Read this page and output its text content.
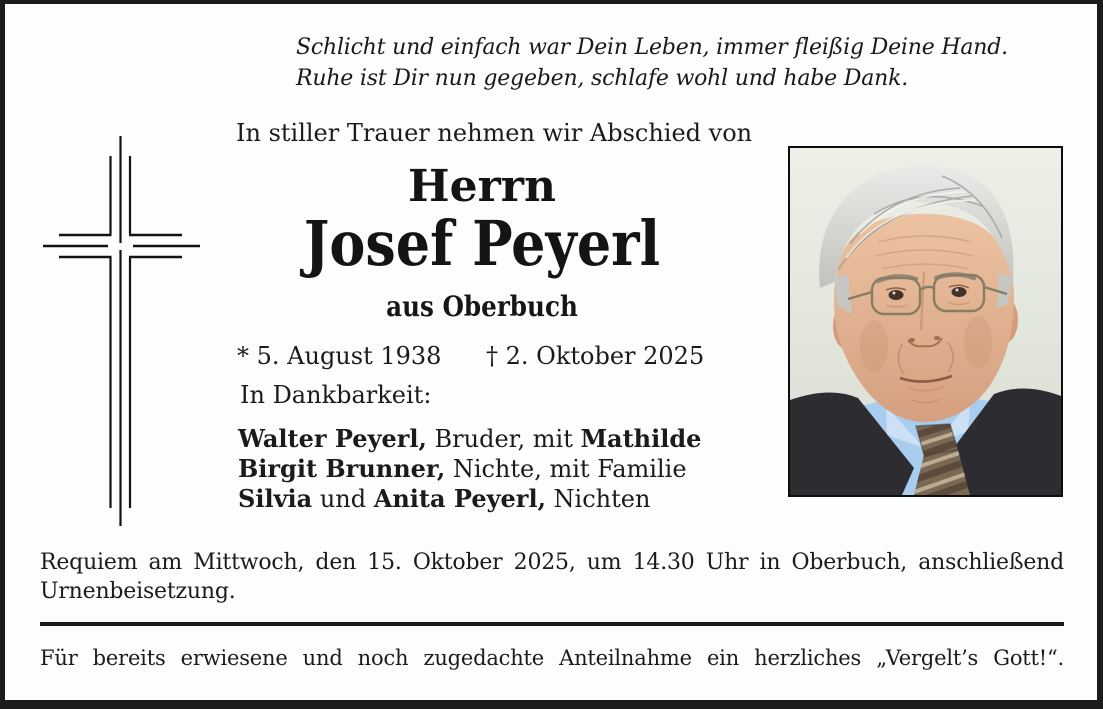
Schlicht und einfach war Dein Leben, immer fleißig Deine Hand.
Ruhe ist Dir nun gegeben, schlafe wohl und habe Dank.
In stiller Trauer nehmen wir Abschied von
Herrn
Josef Peyerl
aus Oberbuch
* 5. August 1938 † 2. Oktober 2025
In Dankbarkeit:
Walter Peyerl, Bruder, mit Mathilde
Birgit Brunner, Nichte, mit Familie
Silvia und Anita Peyerl, Nichten
Requiem am Mittwoch, den 15. Oktober 2025, um 14.30 Uhr in Oberbuch, anschließend
Urnenbeisetzung.
Für bereits erwiesene und noch zugedachte Anteilnahme ein herzliches „Vergelt’s Gott!“.
